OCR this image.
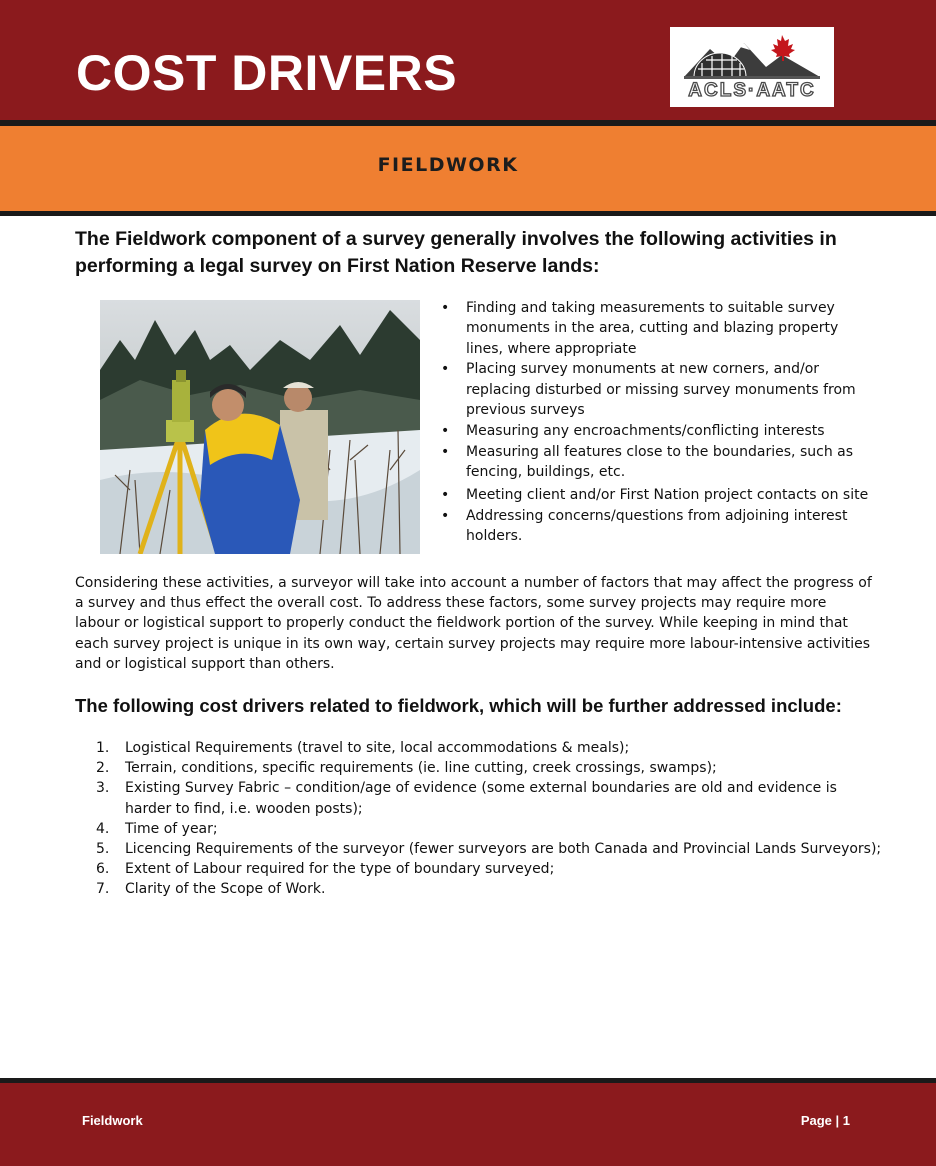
COST DRIVERS	ACLS·AATC
FIELDWORK
The Fieldwork component of a survey generally involves the following activities in
performing a legal survey on First Nation Reserve lands:
• Finding and taking measurements to suitable survey monuments in the area, cutting and blazing property lines, where appropriate
• Placing survey monuments at new corners, and/or replacing disturbed or missing survey monuments from previous surveys
• Measuring any encroachments/conflicting interests
• Measuring all features close to the boundaries, such as fencing, buildings, etc.
• Meeting client and/or First Nation project contacts on site
• Addressing concerns/questions from adjoining interest holders.
Considering these activities, a surveyor will take into account a number of factors that may affect the progress of a survey and thus effect the overall cost. To address these factors, some survey projects may require more labour or logistical support to properly conduct the fieldwork portion of the survey. While keeping in mind that each survey project is unique in its own way, certain survey projects may require more labour-intensive activities and or logistical support than others.
The following cost drivers related to fieldwork, which will be further addressed include:
1. Logistical Requirements (travel to site, local accommodations & meals);
2. Terrain, conditions, specific requirements (ie. line cutting, creek crossings, swamps);
3. Existing Survey Fabric – condition/age of evidence (some external boundaries are old and evidence is harder to find, i.e. wooden posts);
4. Time of year;
5. Licencing Requirements of the surveyor (fewer surveyors are both Canada and Provincial Lands Surveyors);
6. Extent of Labour required for the type of boundary surveyed;
7. Clarity of the Scope of Work.
Fieldwork	Page | 1
